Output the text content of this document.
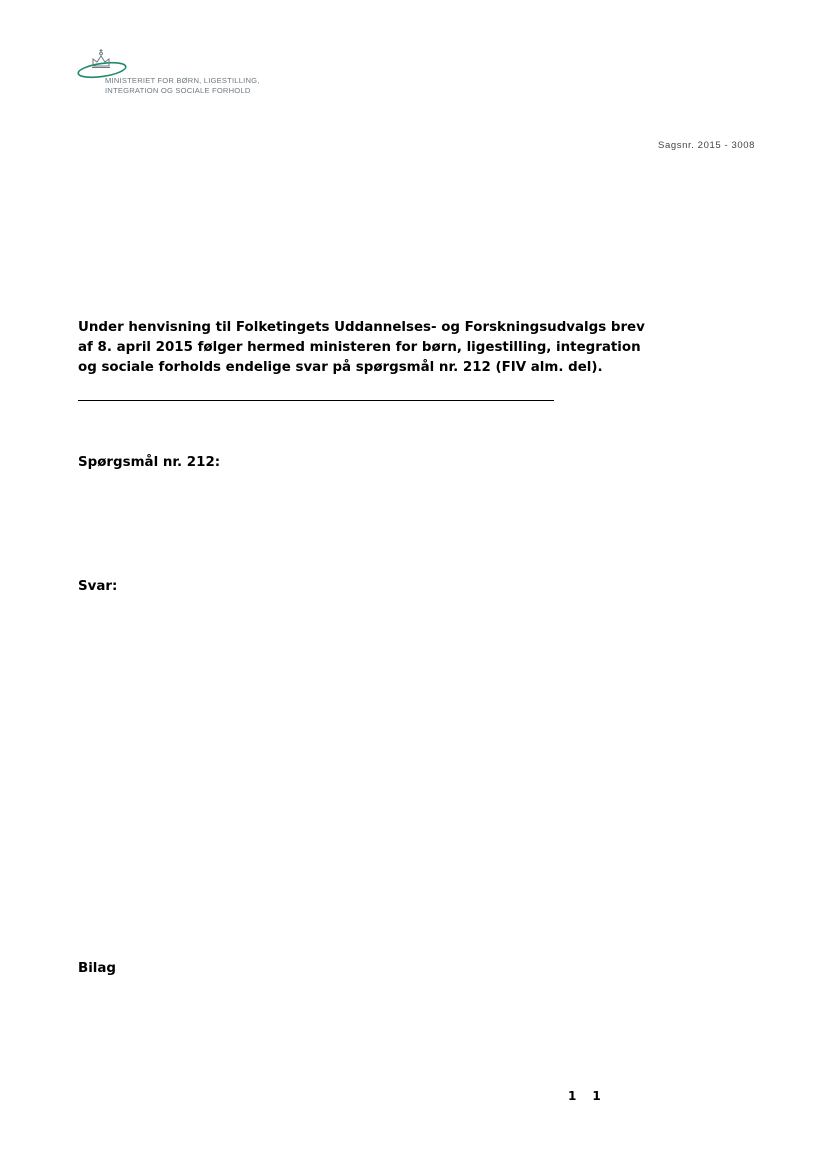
MINISTERIET FOR BØRN, LIGESTILLING,
INTEGRATION OG SOCIALE FORHOLD
Sagsnr. 2015 - 3008
Under henvisning til Folketingets Uddannelses- og Forskningsudvalgs brev
af 8. april 2015 følger hermed ministeren for børn, ligestilling, integration
og sociale forholds endelige svar på spørgsmål nr. 212 (FIV alm. del).
Spørgsmål nr. 212:
Svar:
Bilag
1 1
